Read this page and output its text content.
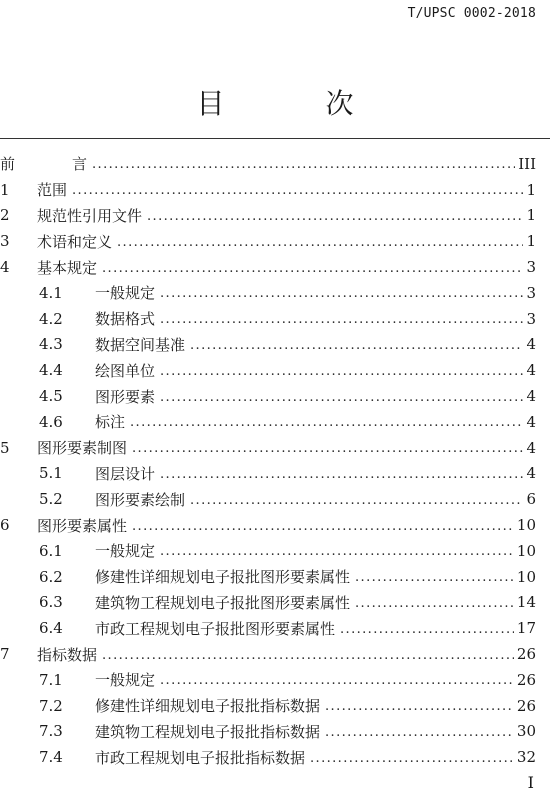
T/UPSC 0002-2018
目 次
前	言 .....	III
1	范围 .....	1
2	规范性引用文件 .....	1
3	术语和定义 .....	1
4	基本规定 .....	3
4.1	一般规定 .....	3
4.2	数据格式 .....	3
4.3	数据空间基准 .....	4
4.4	绘图单位 .....	4
4.5	图形要素 .....	4
4.6	标注 .....	4
5	图形要素制图 .....	4
5.1	图层设计 .....	4
5.2	图形要素绘制 .....	6
6	图形要素属性 .....	10
6.1	一般规定 .....	10
6.2	修建性详细规划电子报批图形要素属性 .....	10
6.3	建筑物工程规划电子报批图形要素属性 .....	14
6.4	市政工程规划电子报批图形要素属性 .....	17
7	指标数据 .....	26
7.1	一般规定 .....	26
7.2	修建性详细规划电子报批指标数据 .....	26
7.3	建筑物工程规划电子报批指标数据 .....	30
7.4	市政工程规划电子报批指标数据 .....	32
I
